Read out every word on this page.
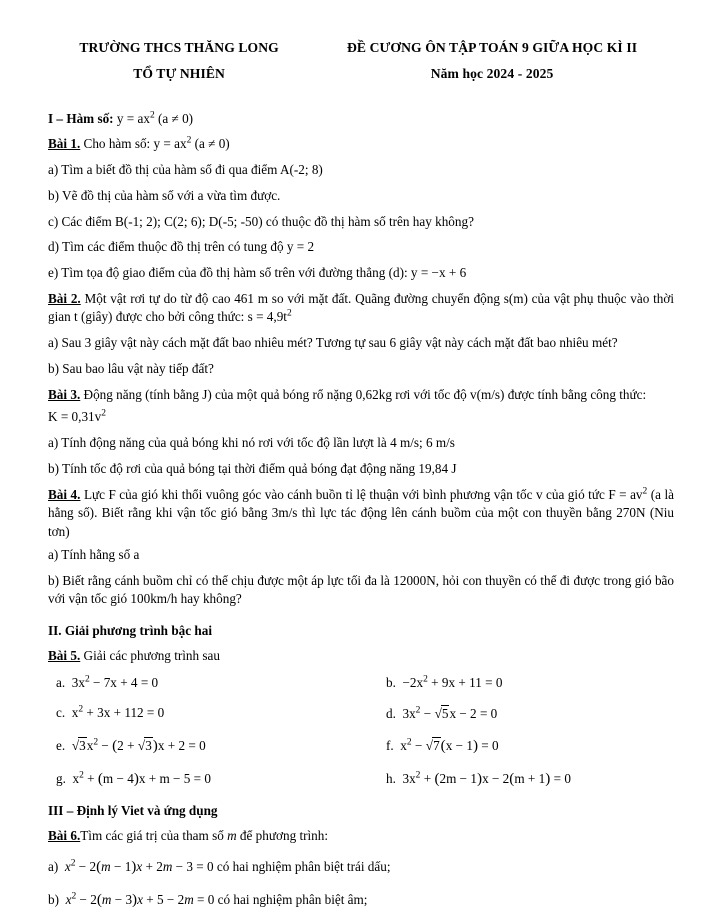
TRƯỜNG THCS THĂNG LONG
TỔ TỰ NHIÊN
ĐỀ CƯƠNG ÔN TẬP TOÁN 9 GIỮA HỌC KÌ II
Năm học 2024 - 2025

I – Hàm số: $y = ax^2$ (a ≠ 0)

Bài 1. Cho hàm số: $y = ax^2$ (a ≠ 0)

a) Tìm a biết đồ thị của hàm số đi qua điểm A(-2; 8)

b) Vẽ đồ thị của hàm số với a vừa tìm được.

c) Các điểm B(-1; 2); C(2; 6); D(-5; -50) có thuộc đồ thị hàm số trên hay không?

d) Tìm các điểm thuộc đồ thị trên có tung độ y = 2

e) Tìm tọa độ giao điểm của đồ thị hàm số trên với đường thẳng (d): y = −x + 6

Bài 2. Một vật rơi tự do từ độ cao 461 m so với mặt đất. Quãng đường chuyển động s(m) của vật phụ thuộc vào thời gian t (giây) được cho bởi công thức: $s = 4,9t^2$

a) Sau 3 giây vật này cách mặt đất bao nhiêu mét? Tương tự sau 6 giây vật này cách mặt đất bao nhiêu mét?

b) Sau bao lâu vật này tiếp đất?

Bài 3. Động năng (tính bằng J) của một quả bóng rổ nặng 0,62kg rơi với tốc độ v(m/s) được tính bằng công thức:

$K = 0,31v^2$

a) Tính động năng của quả bóng khi nó rơi với tốc độ lần lượt là 4 m/s; 6 m/s

b) Tính tốc độ rơi của quả bóng tại thời điểm quả bóng đạt động năng 19,84 J

Bài 4. Lực F của gió khi thổi vuông góc vào cánh buồn tỉ lệ thuận với bình phương vận tốc v của gió tức $F = av^2$ (a là hằng số). Biết rằng khi vận tốc gió bằng 3m/s thì lực tác động lên cánh buồm của một con thuyền bằng 270N (Niu tơn)

a) Tính hằng số a

b) Biết rằng cánh buồm chỉ có thể chịu được một áp lực tối đa là 12000N, hỏi con thuyền có thể đi được trong gió bão với vận tốc gió 100km/h hay không?

II. Giải phương trình bậc hai

Bài 5. Giải các phương trình sau

a.  $3x^2 - 7x + 4 = 0$	b.  $-2x^2 + 9x + 11 = 0$
c.  $x^2 + 3x + 112 = 0$	d.  $3x^2 - √5x - 2 = 0$
e.  $√3x^2 - (2 + √3)x + 2 = 0$	f.  $x^2 - √7(x - 1) = 0$
g.  $x^2 + (m - 4)x + m - 5 = 0$	h.  $3x^2 + (2m - 1)x - 2(m + 1) = 0$

III – Định lý Viet và ứng dụng

Bài 6.Tìm các giá trị của tham số m để phương trình:

a)  $x^2 - 2(m - 1)x + 2m - 3 = 0$ có hai nghiệm phân biệt trái dấu;

b)  $x^2 - 2(m - 3)x + 5 - 2m = 0$ có hai nghiệm phân biệt âm;
